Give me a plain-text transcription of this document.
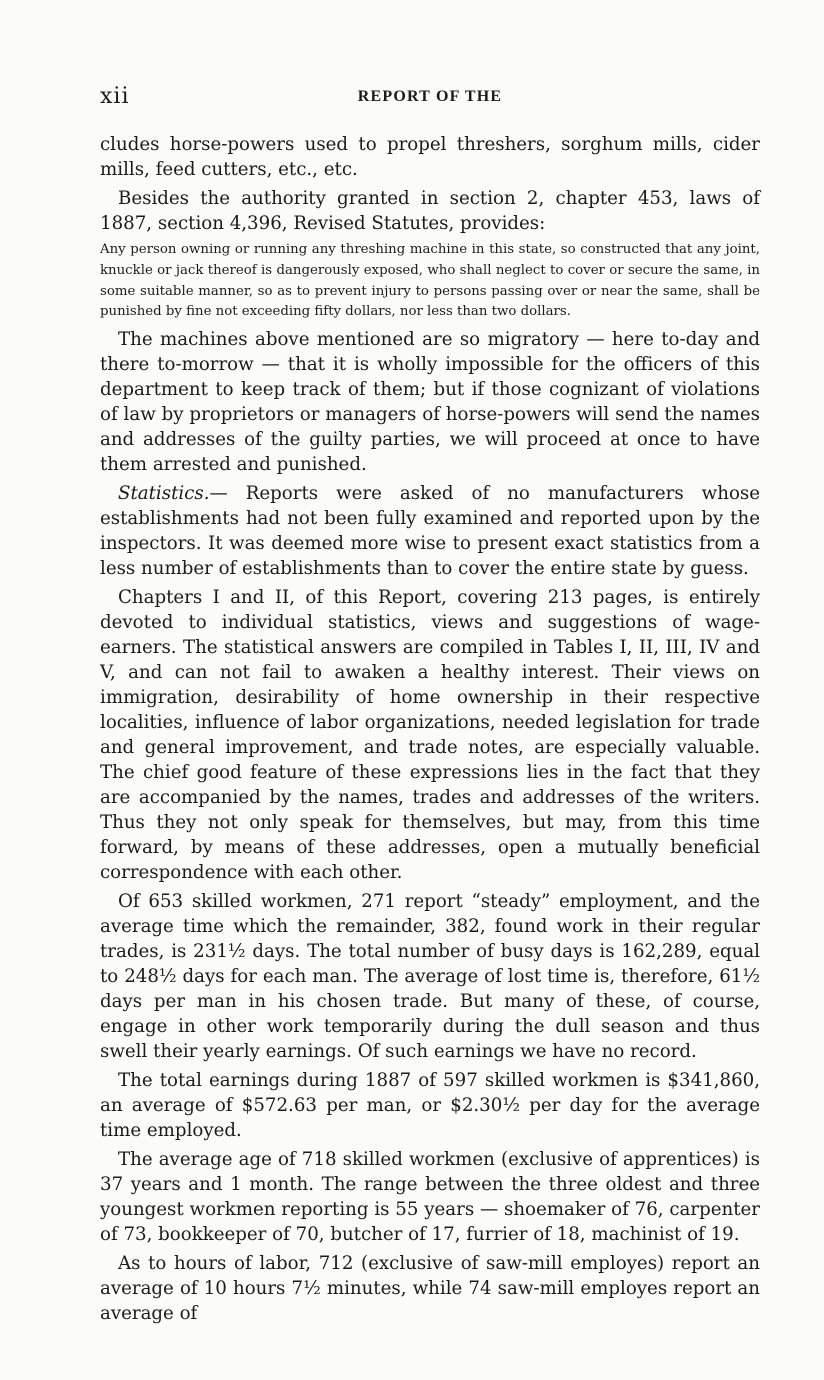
xii	REPORT OF THE

cludes horse-powers used to propel threshers, sorghum mills, cider mills, feed cutters, etc., etc.

Besides the authority granted in section 2, chapter 453, laws of 1887, section 4,396, Revised Statutes, provides:

Any person owning or running any threshing machine in this state, so constructed that any joint, knuckle or jack thereof is dangerously exposed, who shall neglect to cover or secure the same, in some suitable manner, so as to prevent injury to persons passing over or near the same, shall be punished by fine not exceeding fifty dollars, nor less than two dollars.

The machines above mentioned are so migratory — here to-day and there to-morrow — that it is wholly impossible for the officers of this department to keep track of them; but if those cognizant of violations of law by proprietors or managers of horse-powers will send the names and addresses of the guilty parties, we will proceed at once to have them arrested and punished.

Statistics.— Reports were asked of no manufacturers whose establishments had not been fully examined and reported upon by the inspectors. It was deemed more wise to present exact statistics from a less number of establishments than to cover the entire state by guess.

Chapters I and II, of this Report, covering 213 pages, is entirely devoted to individual statistics, views and suggestions of wage-earners. The statistical answers are compiled in Tables I, II, III, IV and V, and can not fail to awaken a healthy interest. Their views on immigration, desirability of home ownership in their respective localities, influence of labor organizations, needed legislation for trade and general improvement, and trade notes, are especially valuable. The chief good feature of these expressions lies in the fact that they are accompanied by the names, trades and addresses of the writers. Thus they not only speak for themselves, but may, from this time forward, by means of these addresses, open a mutually beneficial correspondence with each other.

Of 653 skilled workmen, 271 report “steady” employment, and the average time which the remainder, 382, found work in their regular trades, is 231½ days. The total number of busy days is 162,289, equal to 248½ days for each man. The average of lost time is, therefore, 61½ days per man in his chosen trade. But many of these, of course, engage in other work temporarily during the dull season and thus swell their yearly earnings. Of such earnings we have no record.

The total earnings during 1887 of 597 skilled workmen is $341,860, an average of $572.63 per man, or $2.30½ per day for the average time employed.

The average age of 718 skilled workmen (exclusive of apprentices) is 37 years and 1 month. The range between the three oldest and three youngest workmen reporting is 55 years — shoemaker of 76, carpenter of 73, bookkeeper of 70, butcher of 17, furrier of 18, machinist of 19.

As to hours of labor, 712 (exclusive of saw-mill employes) report an average of 10 hours 7½ minutes, while 74 saw-mill employes report an average of
